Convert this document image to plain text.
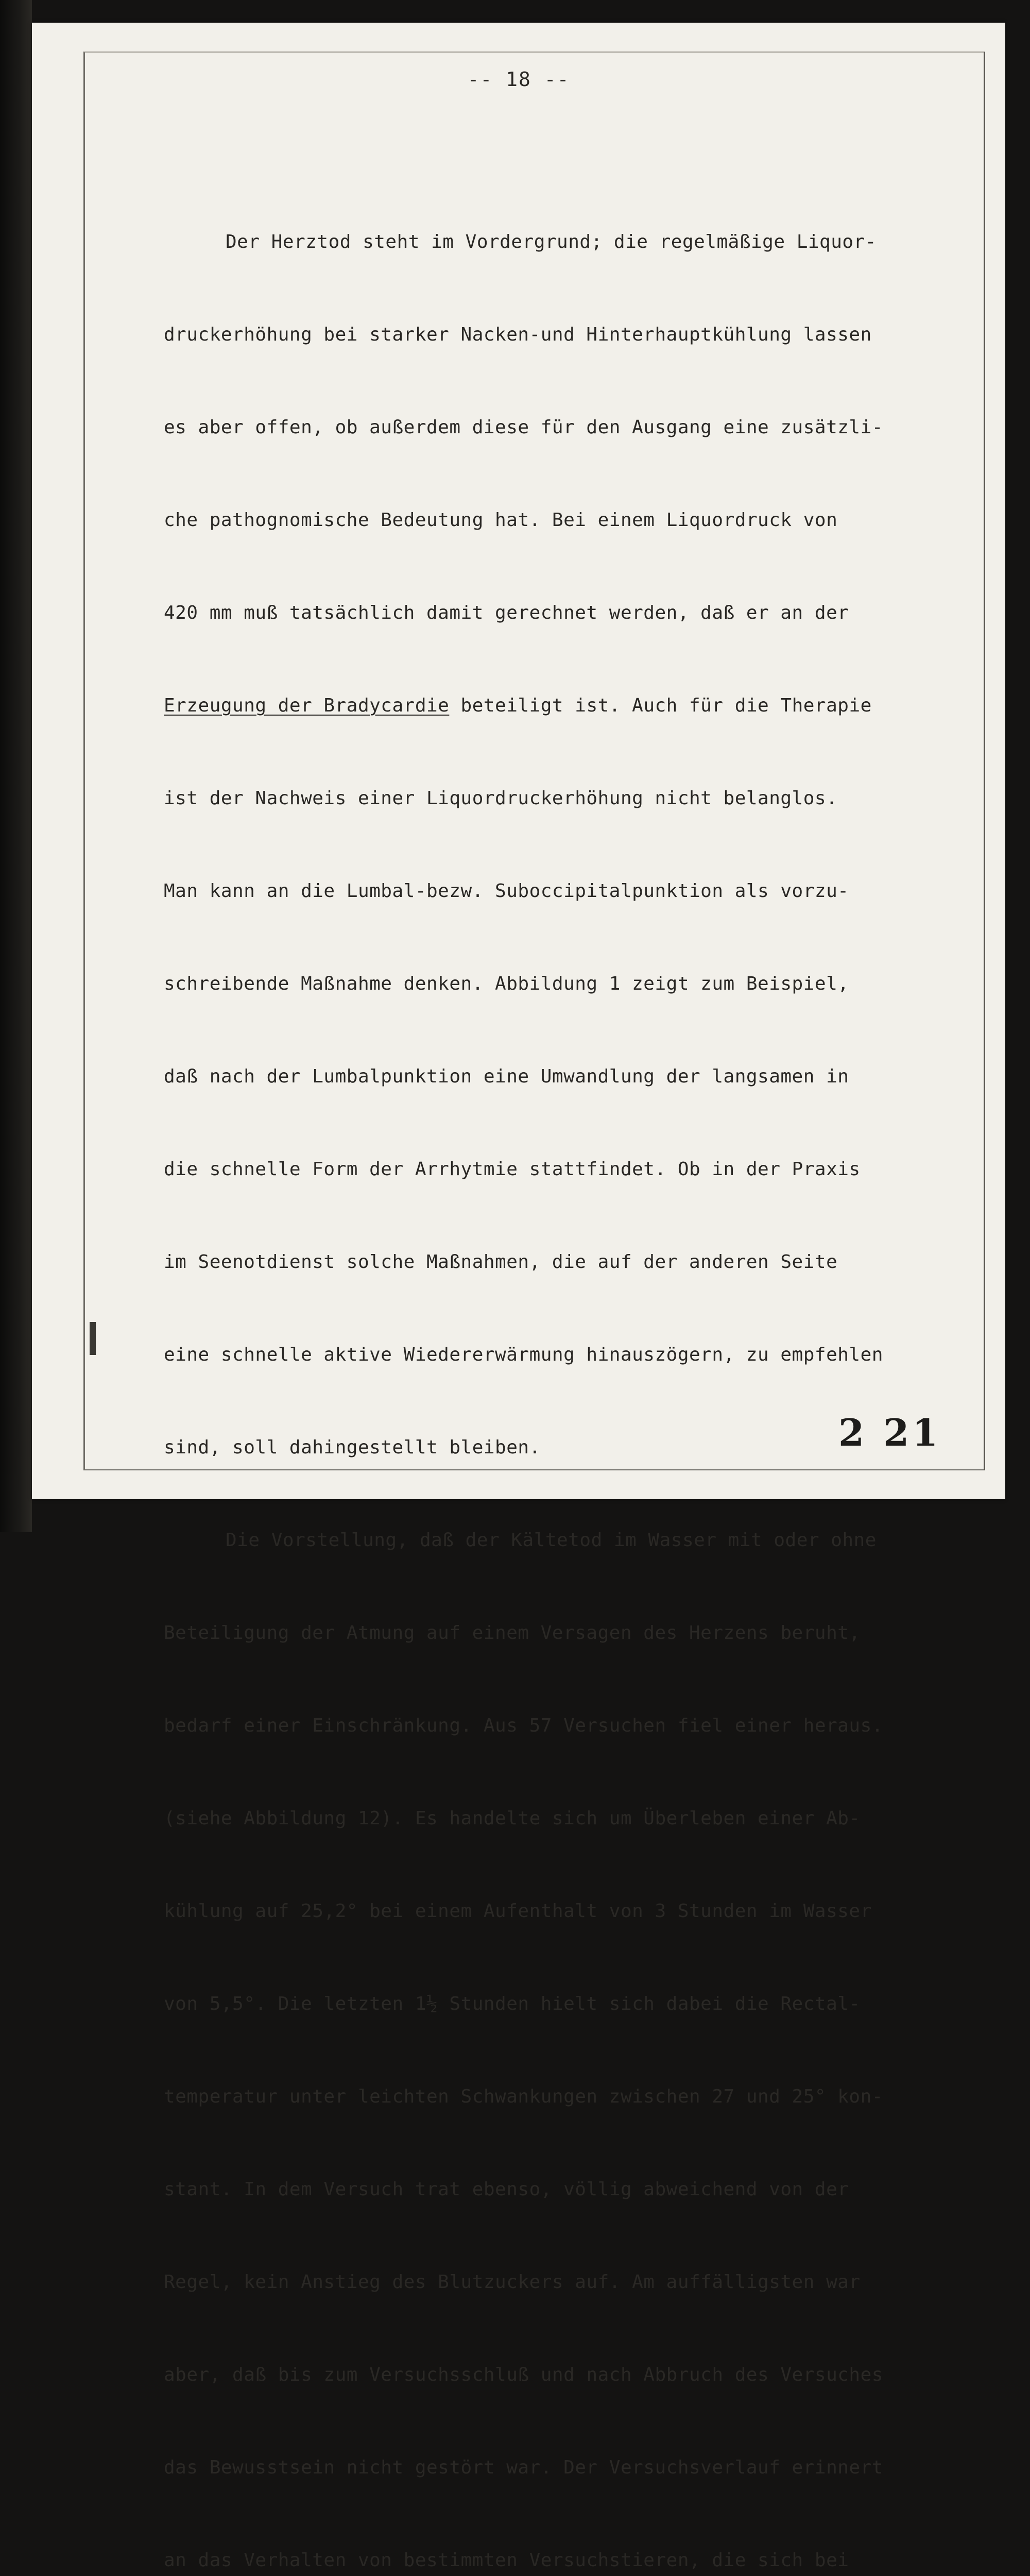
-- 18 --

Der Herztod steht im Vordergrund; die regelmäßige Liquor-

druckerhöhung bei starker Nacken-und Hinterhauptkühlung lassen

es aber offen, ob außerdem diese für den Ausgang eine zusätzli-

che pathognomische Bedeutung hat. Bei einem Liquordruck von

420 mm muß tatsächlich damit gerechnet werden, daß er an der

Erzeugung der Bradycardie beteiligt ist. Auch für die Therapie

ist der Nachweis einer Liquordruckerhöhung nicht belanglos.

Man kann an die Lumbal-bezw. Suboccipitalpunktion als vorzu-

schreibende Maßnahme denken. Abbildung 1 zeigt zum Beispiel,

daß nach der Lumbalpunktion eine Umwandlung der langsamen in

die schnelle Form der Arrhytmie stattfindet. Ob in der Praxis

im Seenotdienst solche Maßnahmen, die auf der anderen Seite

eine schnelle aktive Wiedererwärmung hinauszögern, zu empfehlen

sind, soll dahingestellt bleiben.

Die Vorstellung, daß der Kältetod im Wasser mit oder ohne

Beteiligung der Atmung auf einem Versagen des Herzens beruht,

bedarf einer Einschränkung. Aus 57 Versuchen fiel einer heraus.

(siehe Abbildung 12). Es handelte sich um Überleben einer Ab-

kühlung auf 25,2° bei einem Aufenthalt von 3 Stunden im Wasser

von 5,5°. Die letzten 1½ Stunden hielt sich dabei die Rectal-

temperatur unter leichten Schwankungen zwischen 27 und 25° kon-

stant. In dem Versuch trat ebenso, völlig abweichend von der

Regel, kein Anstieg des Blutzuckers auf. Am auffälligsten war

aber, daß bis zum Versuchsschluß und nach Abbruch des Versuches

das Bewusstsein nicht gestört war. Der Versuchsverlauf erinnert

an das Verhalten von bestimmten Versuchstieren, die sich bei

2 21
